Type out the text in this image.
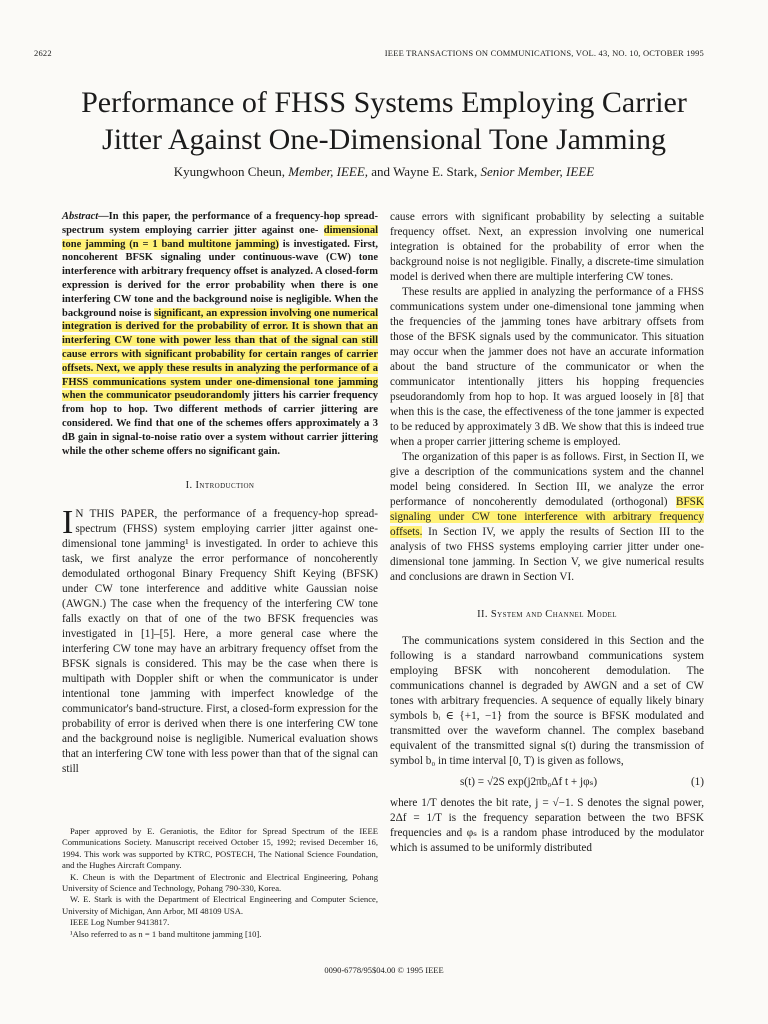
2622	IEEE TRANSACTIONS ON COMMUNICATIONS, VOL. 43, NO. 10, OCTOBER 1995
Performance of FHSS Systems Employing Carrier
Jitter Against One-Dimensional Tone Jamming
Kyungwhoon Cheun, Member, IEEE, and Wayne E. Stark, Senior Member, IEEE
Abstract—In this paper, the performance of a frequency-hop spread-spectrum system employing carrier jitter against one- dimensional tone jamming (n = 1 band multitone jamming) is investigated. First, noncoherent BFSK signaling under continuous-wave (CW) tone interference with arbitrary frequency offset is analyzed. A closed-form expression is derived for the error probability when there is one interfering CW tone and the background noise is negligible. When the background noise is significant, an expression involving one numerical integration is derived for the probability of error. It is shown that an interfering CW tone with power less than that of the signal can still cause errors with significant probability for certain ranges of carrier offsets. Next, we apply these results in analyzing the performance of a FHSS communications system under one-dimensional tone jamming when the communicator pseudorandomly jitters his carrier frequency from hop to hop. Two different methods of carrier jittering are considered. We find that one of the schemes offers approximately a 3 dB gain in signal-to-noise ratio over a system without carrier jittering while the other scheme offers no significant gain.
I. Introduction

I N THIS PAPER, the performance of a frequency-hop spread-spectrum (FHSS) system employing carrier jitter against one-dimensional tone jamming¹ is investigated. In order to achieve this task, we first analyze the error performance of noncoherently demodulated orthogonal Binary Frequency Shift Keying (BFSK) under CW tone interference and additive white Gaussian noise (AWGN.) The case when the frequency of the interfering CW tone falls exactly on that of one of the two BFSK frequencies was investigated in [1]–[5]. Here, a more general case where the interfering CW tone may have an arbitrary frequency offset from the BFSK signals is considered. This may be the case when there is multipath with Doppler shift or when the communicator is under intentional tone jamming with imperfect knowledge of the communicator's band-structure. First, a closed-form expression for the probability of error is derived when there is one interfering CW tone and the background noise is negligible. Numerical evaluation shows that an interfering CW tone with less power than that of the signal can still

Paper approved by E. Geraniotis, the Editor for Spread Spectrum of the IEEE Communications Society. Manuscript received October 15, 1992; revised December 16, 1994. This work was supported by KTRC, POSTECH, The National Science Foundation, and the Hughes Aircraft Company.

K. Cheun is with the Department of Electronic and Electrical Engineering, Pohang University of Science and Technology, Pohang 790-330, Korea.

W. E. Stark is with the Department of Electrical Engineering and Computer Science, University of Michigan, Ann Arbor, MI 48109 USA.

IEEE Log Number 9413817.

¹Also referred to as n = 1 band multitone jamming [10].

cause errors with significant probability by selecting a suitable frequency offset. Next, an expression involving one numerical integration is obtained for the probability of error when the background noise is not negligible. Finally, a discrete-time simulation model is derived when there are multiple interfering CW tones.

These results are applied in analyzing the performance of a FHSS communications system under one-dimensional tone jamming when the frequencies of the jamming tones have arbitrary offsets from those of the BFSK signals used by the communicator. This situation may occur when the jammer does not have an accurate information about the band structure of the communicator or when the communicator intentionally jitters his hopping frequencies pseudorandomly from hop to hop. It was argued loosely in [8] that when this is the case, the effectiveness of the tone jammer is expected to be reduced by approximately 3 dB. We show that this is indeed true when a proper carrier jittering scheme is employed.

The organization of this paper is as follows. First, in Section II, we give a description of the communications system and the channel model being considered. In Section III, we analyze the error performance of noncoherently demodulated (orthogonal) BFSK signaling under CW tone interference with arbitrary frequency offsets. In Section IV, we apply the results of Section III to the analysis of two FHSS systems employing carrier jitter under one-dimensional tone jamming. In Section V, we give numerical results and conclusions are drawn in Section VI.

II. System and Channel Model

The communications system considered in this Section and the following is a standard narrowband communications system employing BFSK with noncoherent demodulation. The communications channel is degraded by AWGN and a set of CW tones with arbitrary frequencies. A sequence of equally likely binary symbols bᵢ ∈ {+1, −1} from the source is BFSK modulated and transmitted over the waveform channel. The complex baseband equivalent of the transmitted signal s(t) during the transmission of symbol b₀ in time interval [0, T) is given as follows,

s(t) = √2S exp(j2πb₀Δf t + jφₛ)	(1)

where 1/T denotes the bit rate, j = √−1. S denotes the signal power, 2Δf = 1/T is the frequency separation between the two BFSK frequencies and φₛ is a random phase introduced by the modulator which is assumed to be uniformly distributed

0090-6778/95$04.00 © 1995 IEEE
